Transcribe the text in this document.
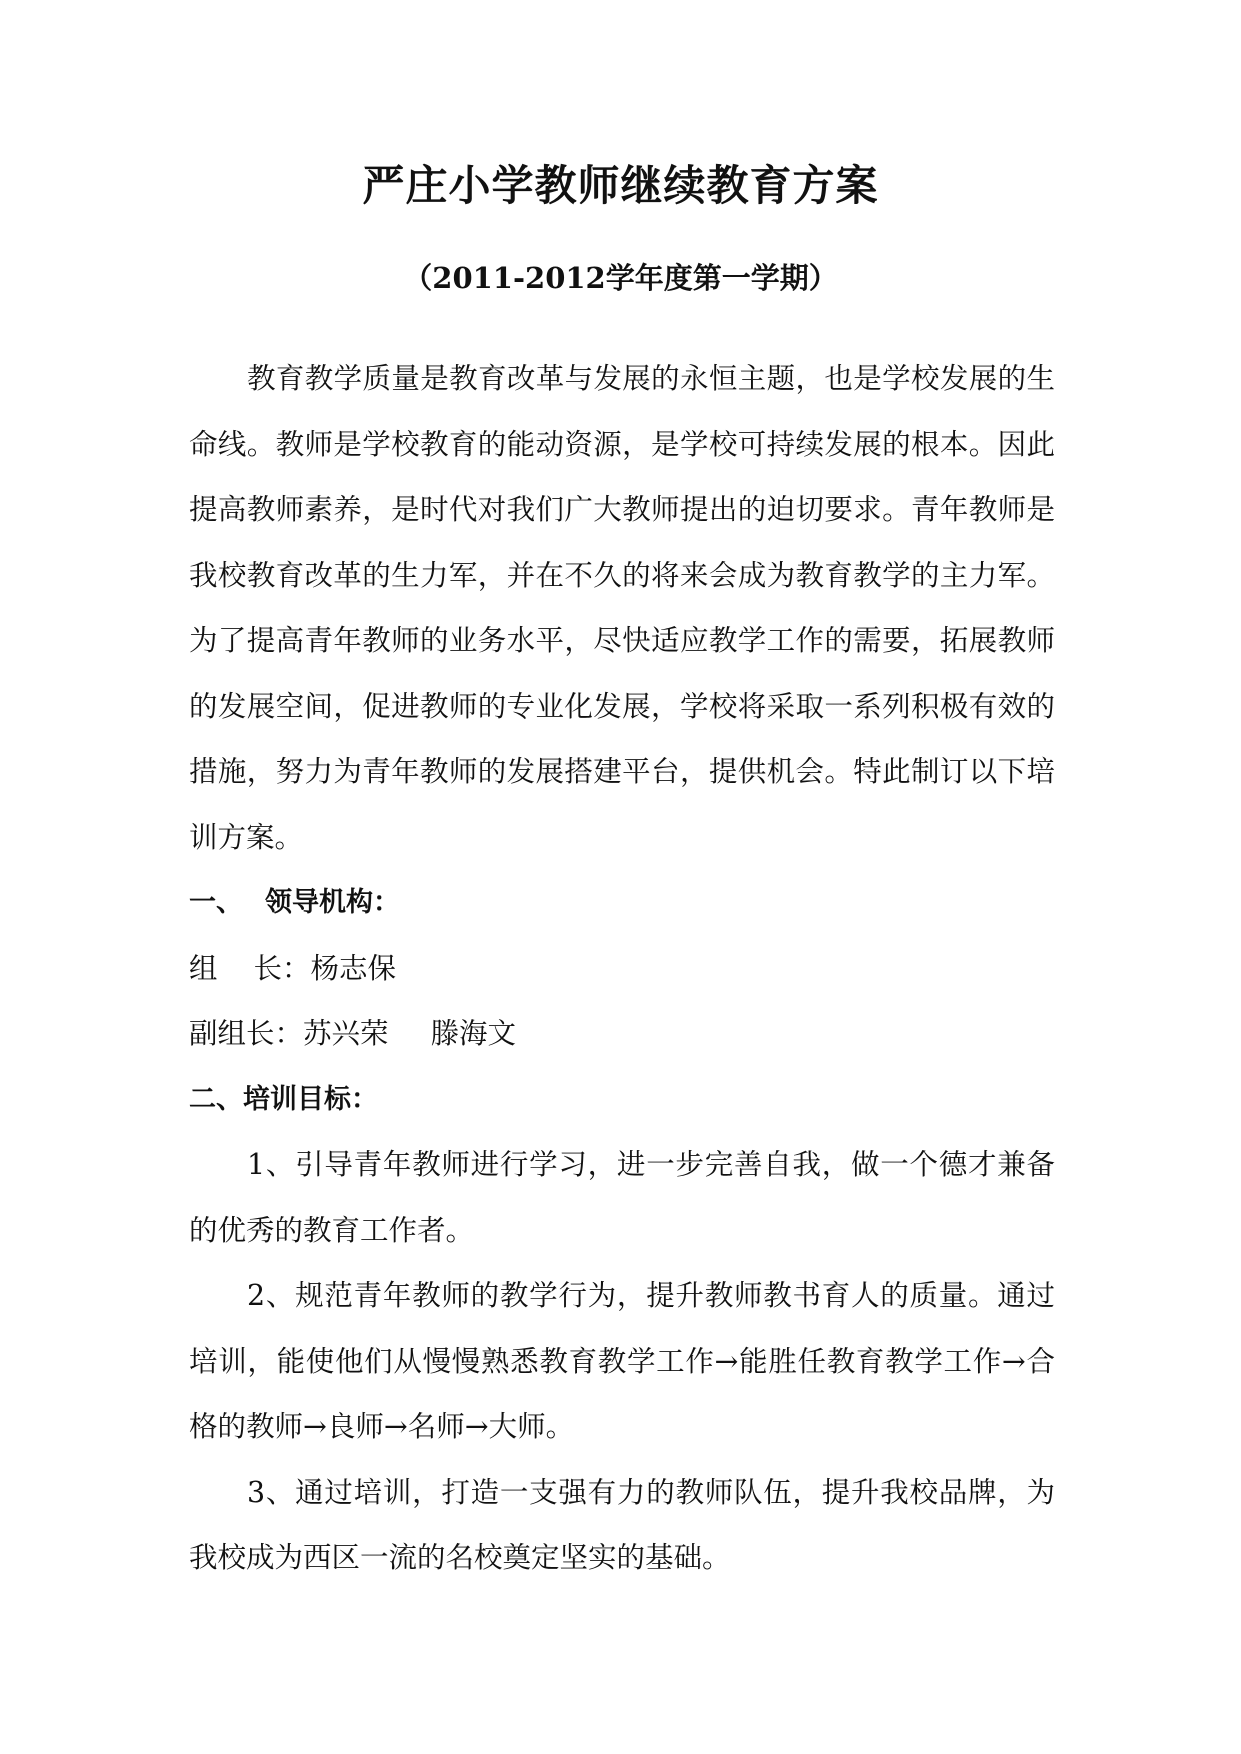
严庄小学教师继续教育方案
（2011-2012学年度第一学期）

教育教学质量是教育改革与发展的永恒主题，也是学校发展的生命线。教师是学校教育的能动资源，是学校可持续发展的根本。因此提高教师素养，是时代对我们广大教师提出的迫切要求。青年教师是我校教育改革的生力军，并在不久的将来会成为教育教学的主力军。为了提高青年教师的业务水平，尽快适应教学工作的需要，拓展教师的发展空间，促进教师的专业化发展，学校将采取一系列积极有效的措施，努力为青年教师的发展搭建平台，提供机会。特此制订以下培训方案。

一、 领导机构：

组 长：杨志保

副组长：苏兴荣 滕海文

二、培训目标：

1、引导青年教师进行学习，进一步完善自我，做一个德才兼备的优秀的教育工作者。

2、规范青年教师的教学行为，提升教师教书育人的质量。通过培训，能使他们从慢慢熟悉教育教学工作→能胜任教育教学工作→合格的教师→良师→名师→大师。

3、通过培训，打造一支强有力的教师队伍，提升我校品牌，为我校成为西区一流的名校奠定坚实的基础。
